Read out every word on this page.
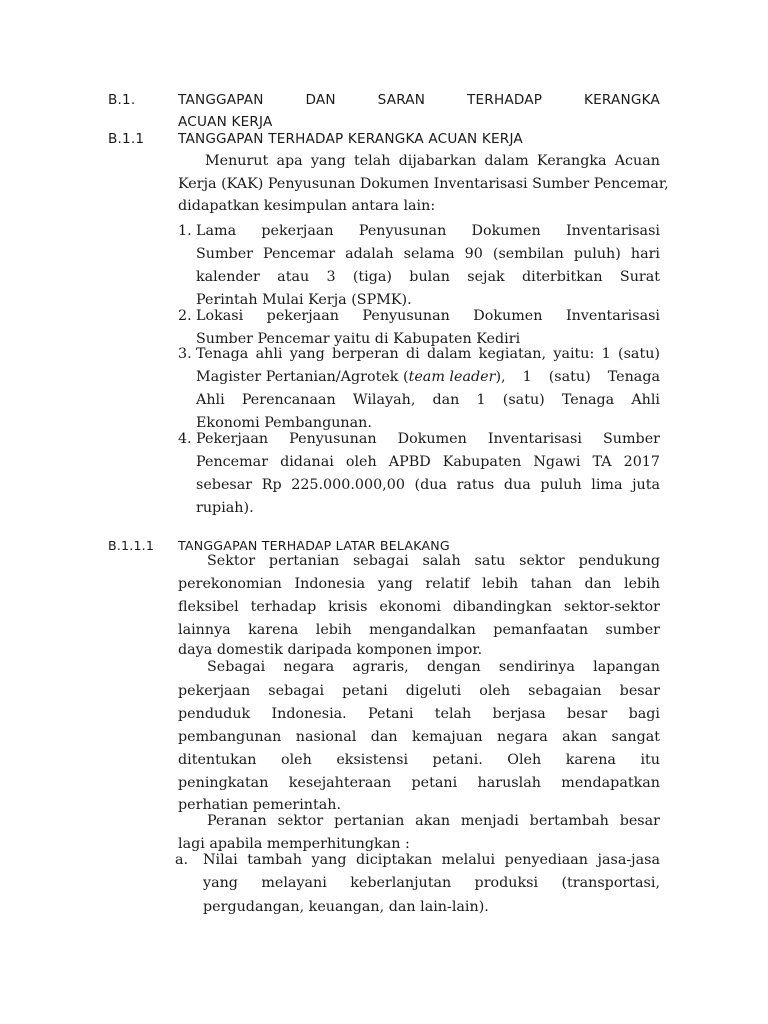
B.1.	TANGGAPAN DAN SARAN TERHADAP KERANGKA
ACUAN KERJA
B.1.1 TANGGAPAN TERHADAP KERANGKA ACUAN KERJA
Menurut apa yang telah dijabarkan dalam Kerangka Acuan
Kerja (KAK) Penyusunan Dokumen Inventarisasi Sumber Pencemar,
didapatkan kesimpulan antara lain:
1. Lama pekerjaan Penyusunan Dokumen Inventarisasi
Sumber Pencemar adalah selama 90 (sembilan puluh) hari
kalender atau 3 (tiga) bulan sejak diterbitkan Surat
Perintah Mulai Kerja (SPMK).
2. Lokasi pekerjaan Penyusunan Dokumen Inventarisasi
Sumber Pencemar yaitu di Kabupaten Kediri
3. Tenaga ahli yang berperan di dalam kegiatan, yaitu: 1 (satu)
Magister Pertanian/Agrotek ( team leader ), 1 (satu) Tenaga
Ahli Perencanaan Wilayah, dan 1 (satu) Tenaga Ahli
Ekonomi Pembangunan.
4. Pekerjaan Penyusunan Dokumen Inventarisasi Sumber
Pencemar didanai oleh APBD Kabupaten Ngawi TA 2017
sebesar Rp 225.000.000,00 (dua ratus dua puluh lima juta
rupiah).
B.1.1.1 TANGGAPAN TERHADAP LATAR BELAKANG
Sektor pertanian sebagai salah satu sektor pendukung
perekonomian Indonesia yang relatif lebih tahan dan lebih
fleksibel terhadap krisis ekonomi dibandingkan sektor-sektor
lainnya karena lebih mengandalkan pemanfaatan sumber
daya domestik daripada komponen impor.
Sebagai negara agraris, dengan sendirinya lapangan
pekerjaan sebagai petani digeluti oleh sebagaian besar
penduduk Indonesia. Petani telah berjasa besar bagi
pembangunan nasional dan kemajuan negara akan sangat
ditentukan oleh eksistensi petani. Oleh karena itu
peningkatan kesejahteraan petani haruslah mendapatkan
perhatian pemerintah.
Peranan sektor pertanian akan menjadi bertambah besar
lagi apabila memperhitungkan :
a. Nilai tambah yang diciptakan melalui penyediaan jasa-jasa
yang melayani keberlanjutan produksi (transportasi,
pergudangan, keuangan, dan lain-lain).
